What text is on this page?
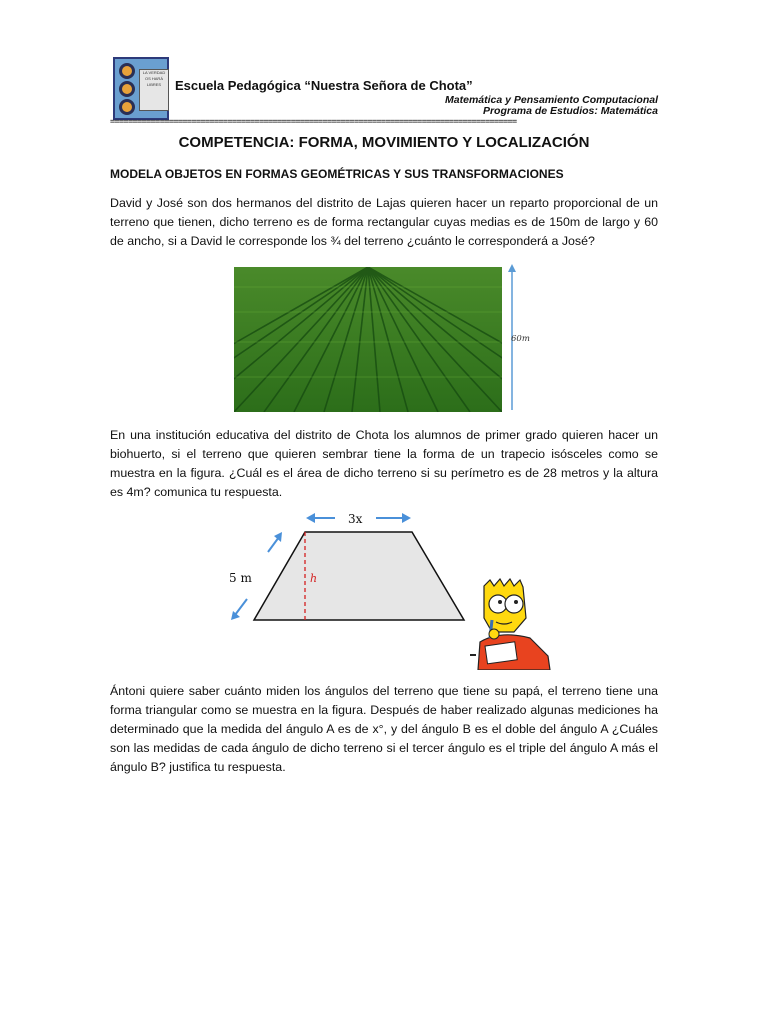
LA VERDAD OS HARÁ LIBRES	Escuela Pedagógica “Nuestra Señora de Chota”
Matemática y Pensamiento Computacional
Programa de Estudios: Matemática
==========================================================================================
COMPETENCIA: FORMA, MOVIMIENTO Y LOCALIZACIÓN
MODELA OBJETOS EN FORMAS GEOMÉTRICAS Y SUS TRANSFORMACIONES
David y José son dos hermanos del distrito de Lajas quieren hacer un reparto proporcional de un terreno que tienen, dicho terreno es de forma rectangular cuyas medias es de 150m de largo y 60 de ancho, si a David le corresponde los ¾ del terreno ¿cuánto le corresponderá a José?
60m
En una institución educativa del distrito de Chota los alumnos de primer grado quieren hacer un biohuerto, si el terreno que quieren sembrar tiene la forma de un trapecio isósceles como se muestra en la figura. ¿Cuál es el área de dicho terreno si su perímetro es de 28 metros y la altura es 4m? comunica tu respuesta.
h
3x
5 m
Ántoni quiere saber cuánto miden los ángulos del terreno que tiene su papá, el terreno tiene una forma triangular como se muestra en la figura. Después de haber realizado algunas mediciones ha determinado que la medida del ángulo A es de x°, y del ángulo B es el doble del ángulo A ¿Cuáles son las medidas de cada ángulo de dicho terreno si el tercer ángulo es el triple del ángulo A más el ángulo B? justifica tu respuesta.
